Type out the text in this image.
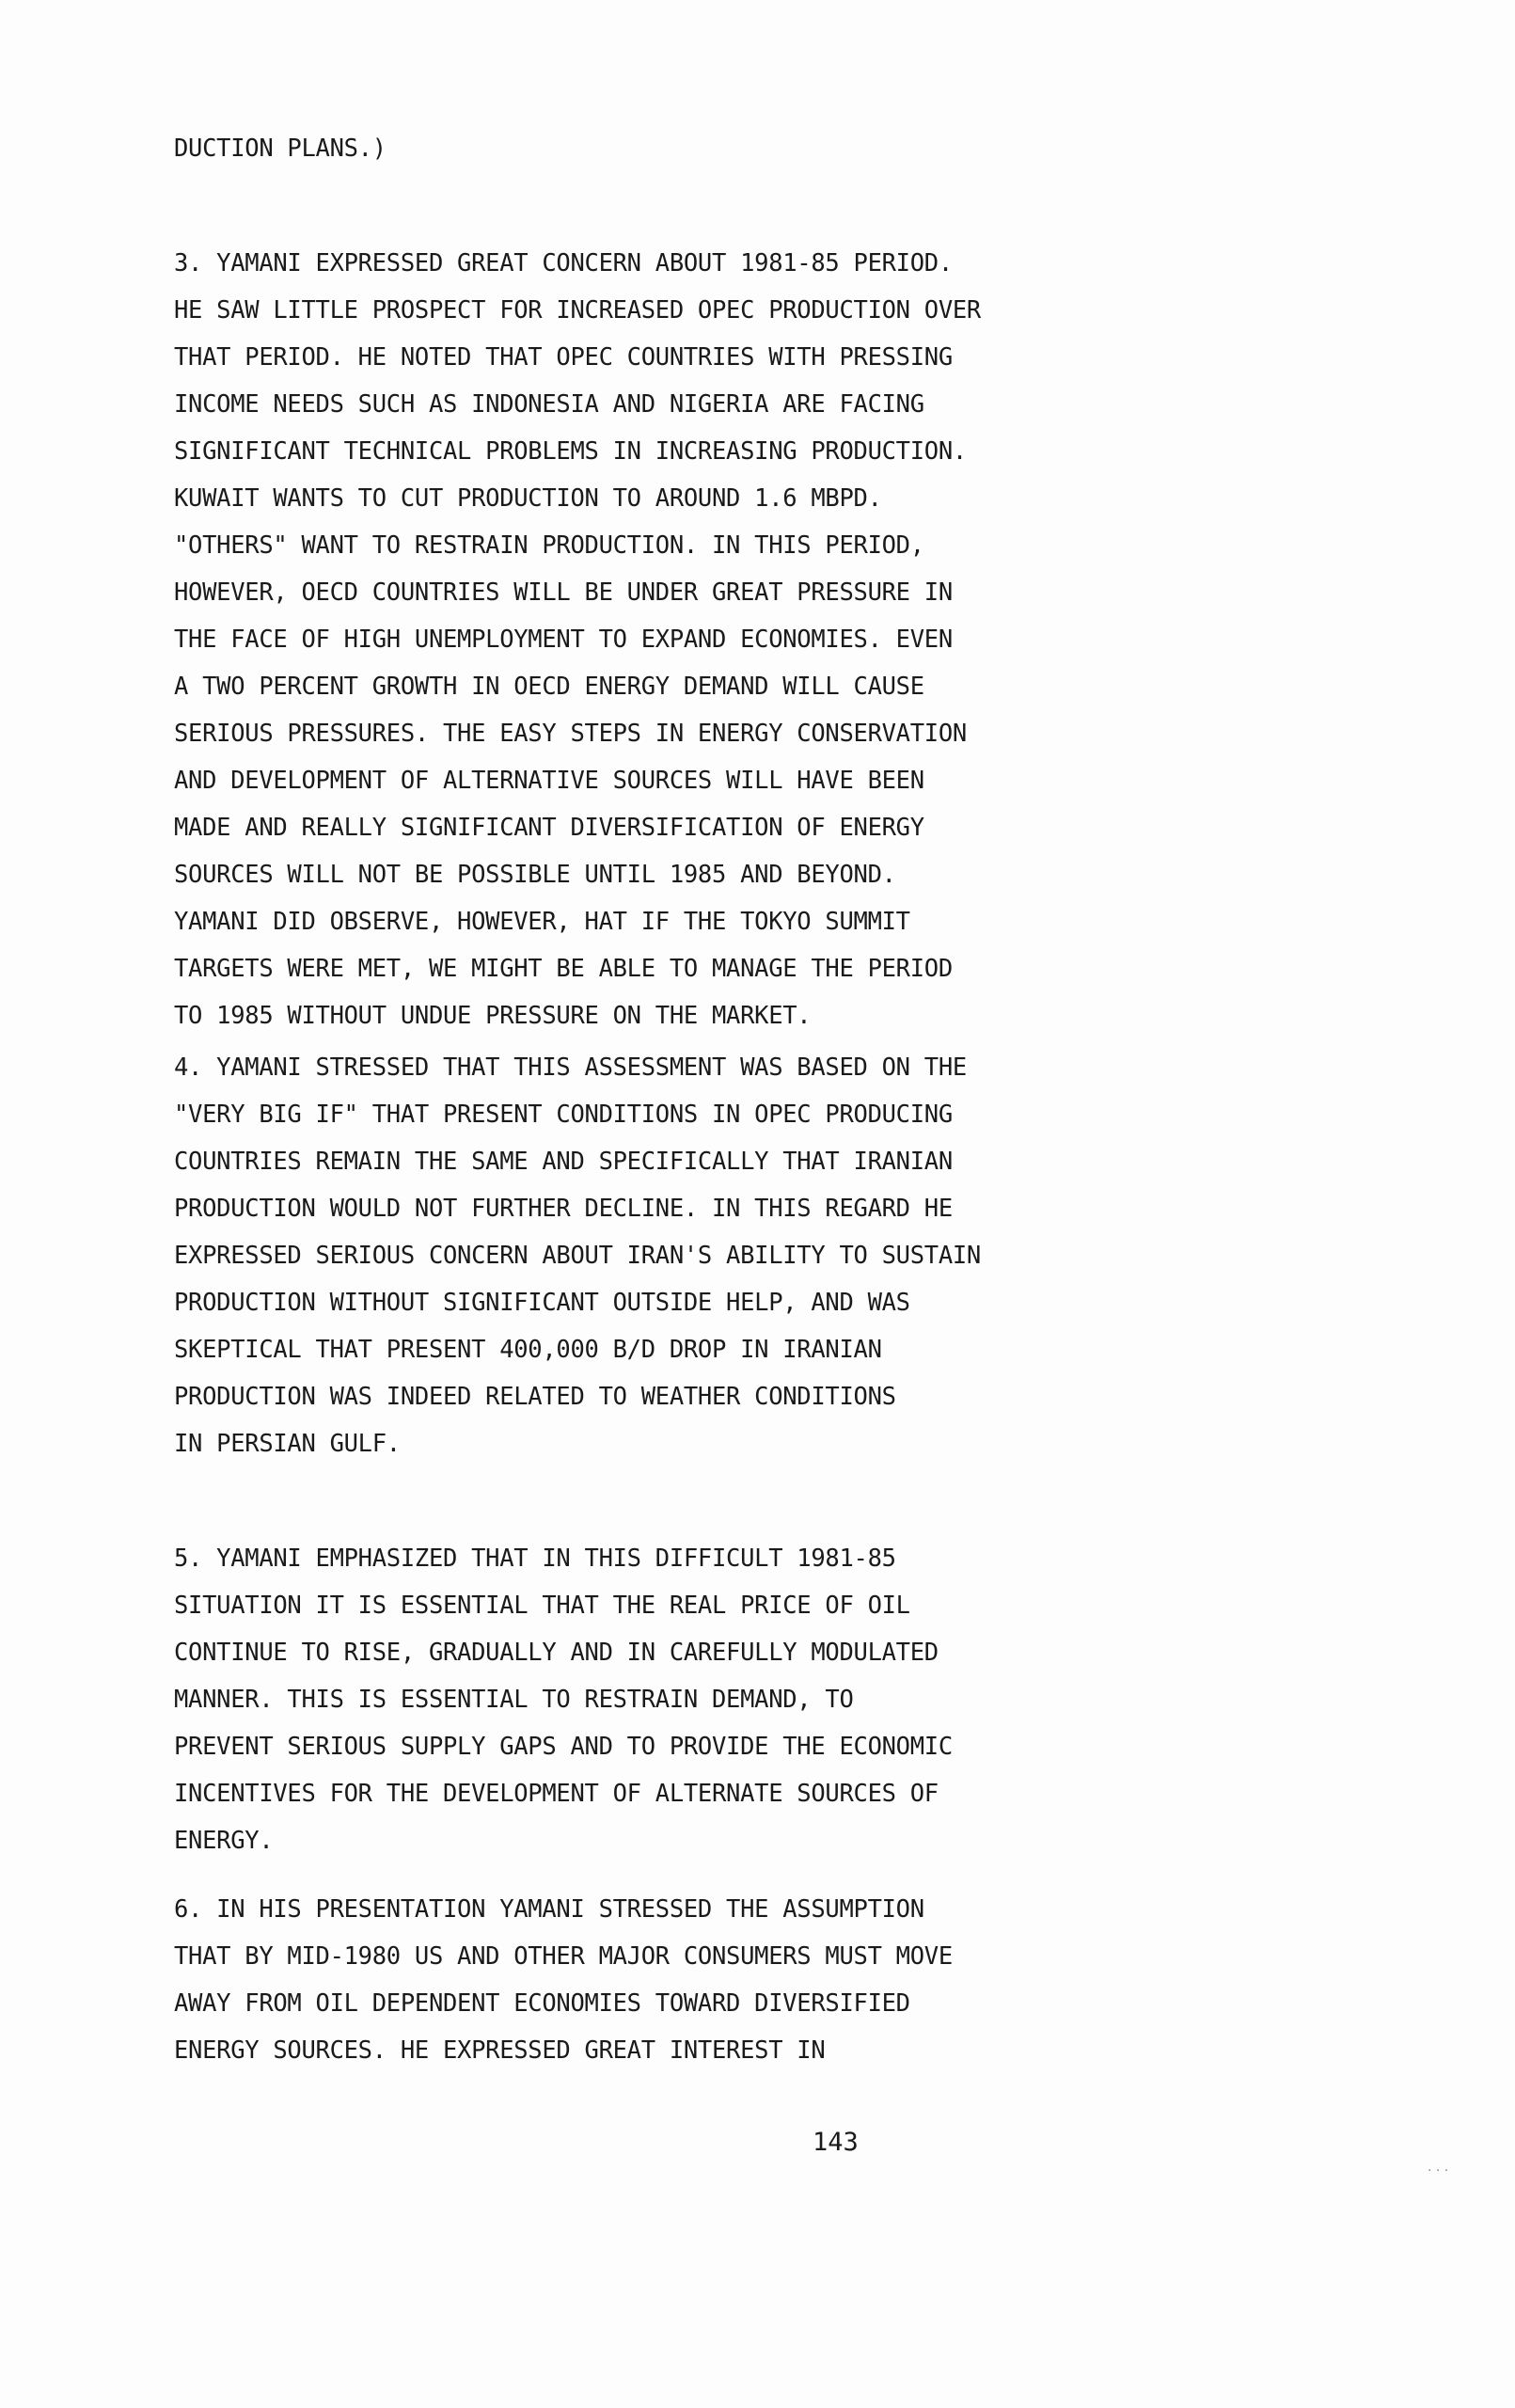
DUCTION PLANS.)
3. YAMANI EXPRESSED GREAT CONCERN ABOUT 1981-85 PERIOD.
HE SAW LITTLE PROSPECT FOR INCREASED OPEC PRODUCTION OVER
THAT PERIOD. HE NOTED THAT OPEC COUNTRIES WITH PRESSING
INCOME NEEDS SUCH AS INDONESIA AND NIGERIA ARE FACING
SIGNIFICANT TECHNICAL PROBLEMS IN INCREASING PRODUCTION.
KUWAIT WANTS TO CUT PRODUCTION TO AROUND 1.6 MBPD.
"OTHERS" WANT TO RESTRAIN PRODUCTION. IN THIS PERIOD,
HOWEVER, OECD COUNTRIES WILL BE UNDER GREAT PRESSURE IN
THE FACE OF HIGH UNEMPLOYMENT TO EXPAND ECONOMIES. EVEN
A TWO PERCENT GROWTH IN OECD ENERGY DEMAND WILL CAUSE
SERIOUS PRESSURES. THE EASY STEPS IN ENERGY CONSERVATION
AND DEVELOPMENT OF ALTERNATIVE SOURCES WILL HAVE BEEN
MADE AND REALLY SIGNIFICANT DIVERSIFICATION OF ENERGY
SOURCES WILL NOT BE POSSIBLE UNTIL 1985 AND BEYOND.
YAMANI DID OBSERVE, HOWEVER, HAT IF THE TOKYO SUMMIT
TARGETS WERE MET, WE MIGHT BE ABLE TO MANAGE THE PERIOD
TO 1985 WITHOUT UNDUE PRESSURE ON THE MARKET.
4. YAMANI STRESSED THAT THIS ASSESSMENT WAS BASED ON THE
"VERY BIG IF" THAT PRESENT CONDITIONS IN OPEC PRODUCING
COUNTRIES REMAIN THE SAME AND SPECIFICALLY THAT IRANIAN
PRODUCTION WOULD NOT FURTHER DECLINE. IN THIS REGARD HE
EXPRESSED SERIOUS CONCERN ABOUT IRAN'S ABILITY TO SUSTAIN
PRODUCTION WITHOUT SIGNIFICANT OUTSIDE HELP, AND WAS
SKEPTICAL THAT PRESENT 400,000 B/D DROP IN IRANIAN
PRODUCTION WAS INDEED RELATED TO WEATHER CONDITIONS
IN PERSIAN GULF.
5. YAMANI EMPHASIZED THAT IN THIS DIFFICULT 1981-85
SITUATION IT IS ESSENTIAL THAT THE REAL PRICE OF OIL
CONTINUE TO RISE, GRADUALLY AND IN CAREFULLY MODULATED
MANNER. THIS IS ESSENTIAL TO RESTRAIN DEMAND, TO
PREVENT SERIOUS SUPPLY GAPS AND TO PROVIDE THE ECONOMIC
INCENTIVES FOR THE DEVELOPMENT OF ALTERNATE SOURCES OF
ENERGY.
6. IN HIS PRESENTATION YAMANI STRESSED THE ASSUMPTION
THAT BY MID-1980 US AND OTHER MAJOR CONSUMERS MUST MOVE
AWAY FROM OIL DEPENDENT ECONOMIES TOWARD DIVERSIFIED
ENERGY SOURCES. HE EXPRESSED GREAT INTEREST IN
143
· · ·
